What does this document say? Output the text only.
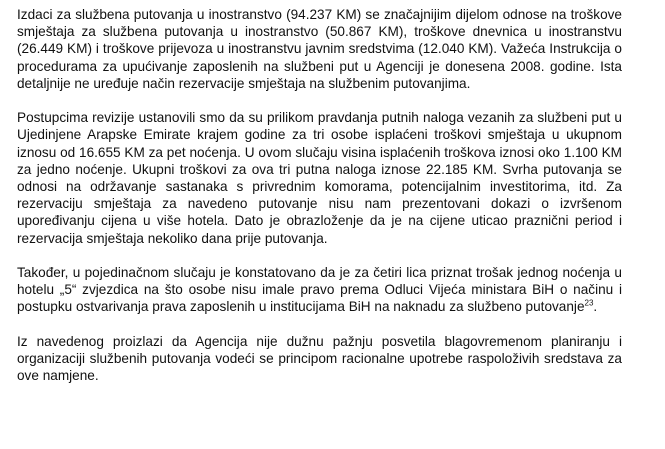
Izdaci za službena putovanja u inostranstvo (94.237 KM) se značajnijim dijelom odnose na troškove smještaja za službena putovanja u inostranstvo (50.867 KM), troškove dnevnica u inostranstvu (26.449 KM) i troškove prijevoza u inostranstvu javnim sredstvima (12.040 KM). Važeća Instrukcija o procedurama za upućivanje zaposlenih na službeni put u Agenciji je donesena 2008. godine. Ista detaljnije ne uređuje način rezervacije smještaja na službenim putovanjima.

Postupcima revizije ustanovili smo da su prilikom pravdanja putnih naloga vezanih za službeni put u Ujedinjene Arapske Emirate krajem godine za tri osobe isplaćeni troškovi smještaja u ukupnom iznosu od 16.655 KM za pet noćenja. U ovom slučaju visina isplaćenih troškova iznosi oko 1.100 KM za jedno noćenje. Ukupni troškovi za ova tri putna naloga iznose 22.185 KM. Svrha putovanja se odnosi na održavanje sastanaka s privrednim komorama, potencijalnim investitorima, itd. Za rezervaciju smještaja za navedeno putovanje nisu nam prezentovani dokazi o izvršenom upoređivanju cijena u više hotela. Dato je obrazloženje da je na cijene uticao praznični period i rezervacija smještaja nekoliko dana prije putovanja.

Također, u pojedinačnom slučaju je konstatovano da je za četiri lica priznat trošak jednog noćenja u hotelu „5“ zvjezdica na što osobe nisu imale pravo prema Odluci Vijeća ministara BiH o načinu i postupku ostvarivanja prava zaposlenih u institucijama BiH na naknadu za službeno putovanje$^{23}$.

Iz navedenog proizlazi da Agencija nije dužnu pažnju posvetila blagovremenom planiranju i organizaciji službenih putovanja vodeći se principom racionalne upotrebe raspoloživih sredstava za ove namjene.
